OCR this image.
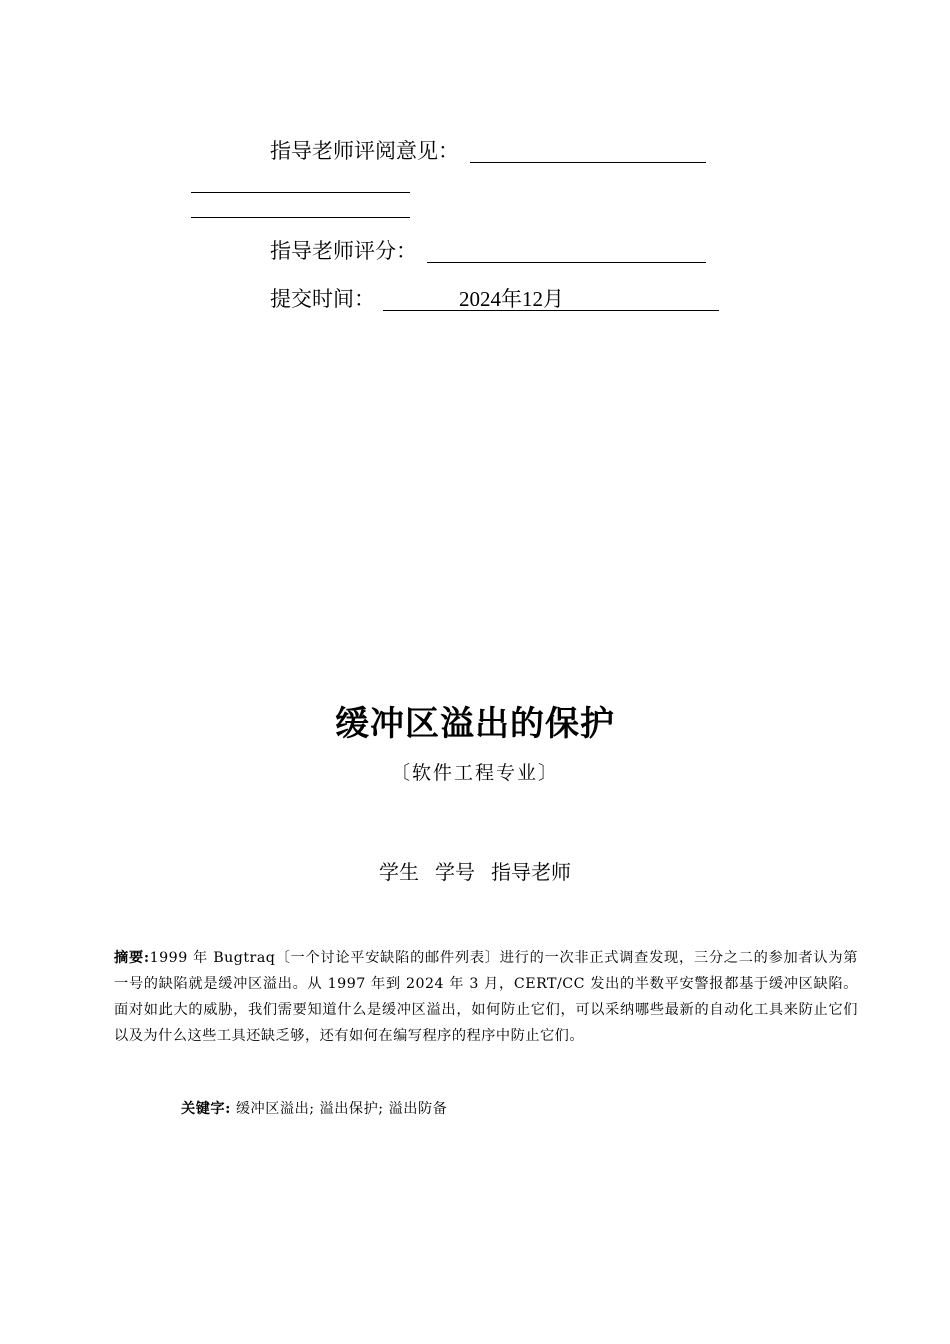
指导老师评阅意见：
指导老师评分：
提交时间：	2024年12月
缓冲区溢出的保护
〔软件工程专业〕
学生 学号 指导老师
摘要:1999 年 Bugtraq〔一个讨论平安缺陷的邮件列表〕进行的一次非正式调查发现，三分之二的参加者认为第一号的缺陷就是缓冲区溢出。从 1997 年到 2024 年 3 月，CERT/CC 发出的半数平安警报都基于缓冲区缺陷。 面对如此大的威胁，我们需要知道什么是缓冲区溢出，如何防止它们，可以采纳哪些最新的自动化工具来防止它们以及为什么这些工具还缺乏够，还有如何在编写程序的程序中防止它们。
关键字: 缓冲区溢出; 溢出保护; 溢出防备
